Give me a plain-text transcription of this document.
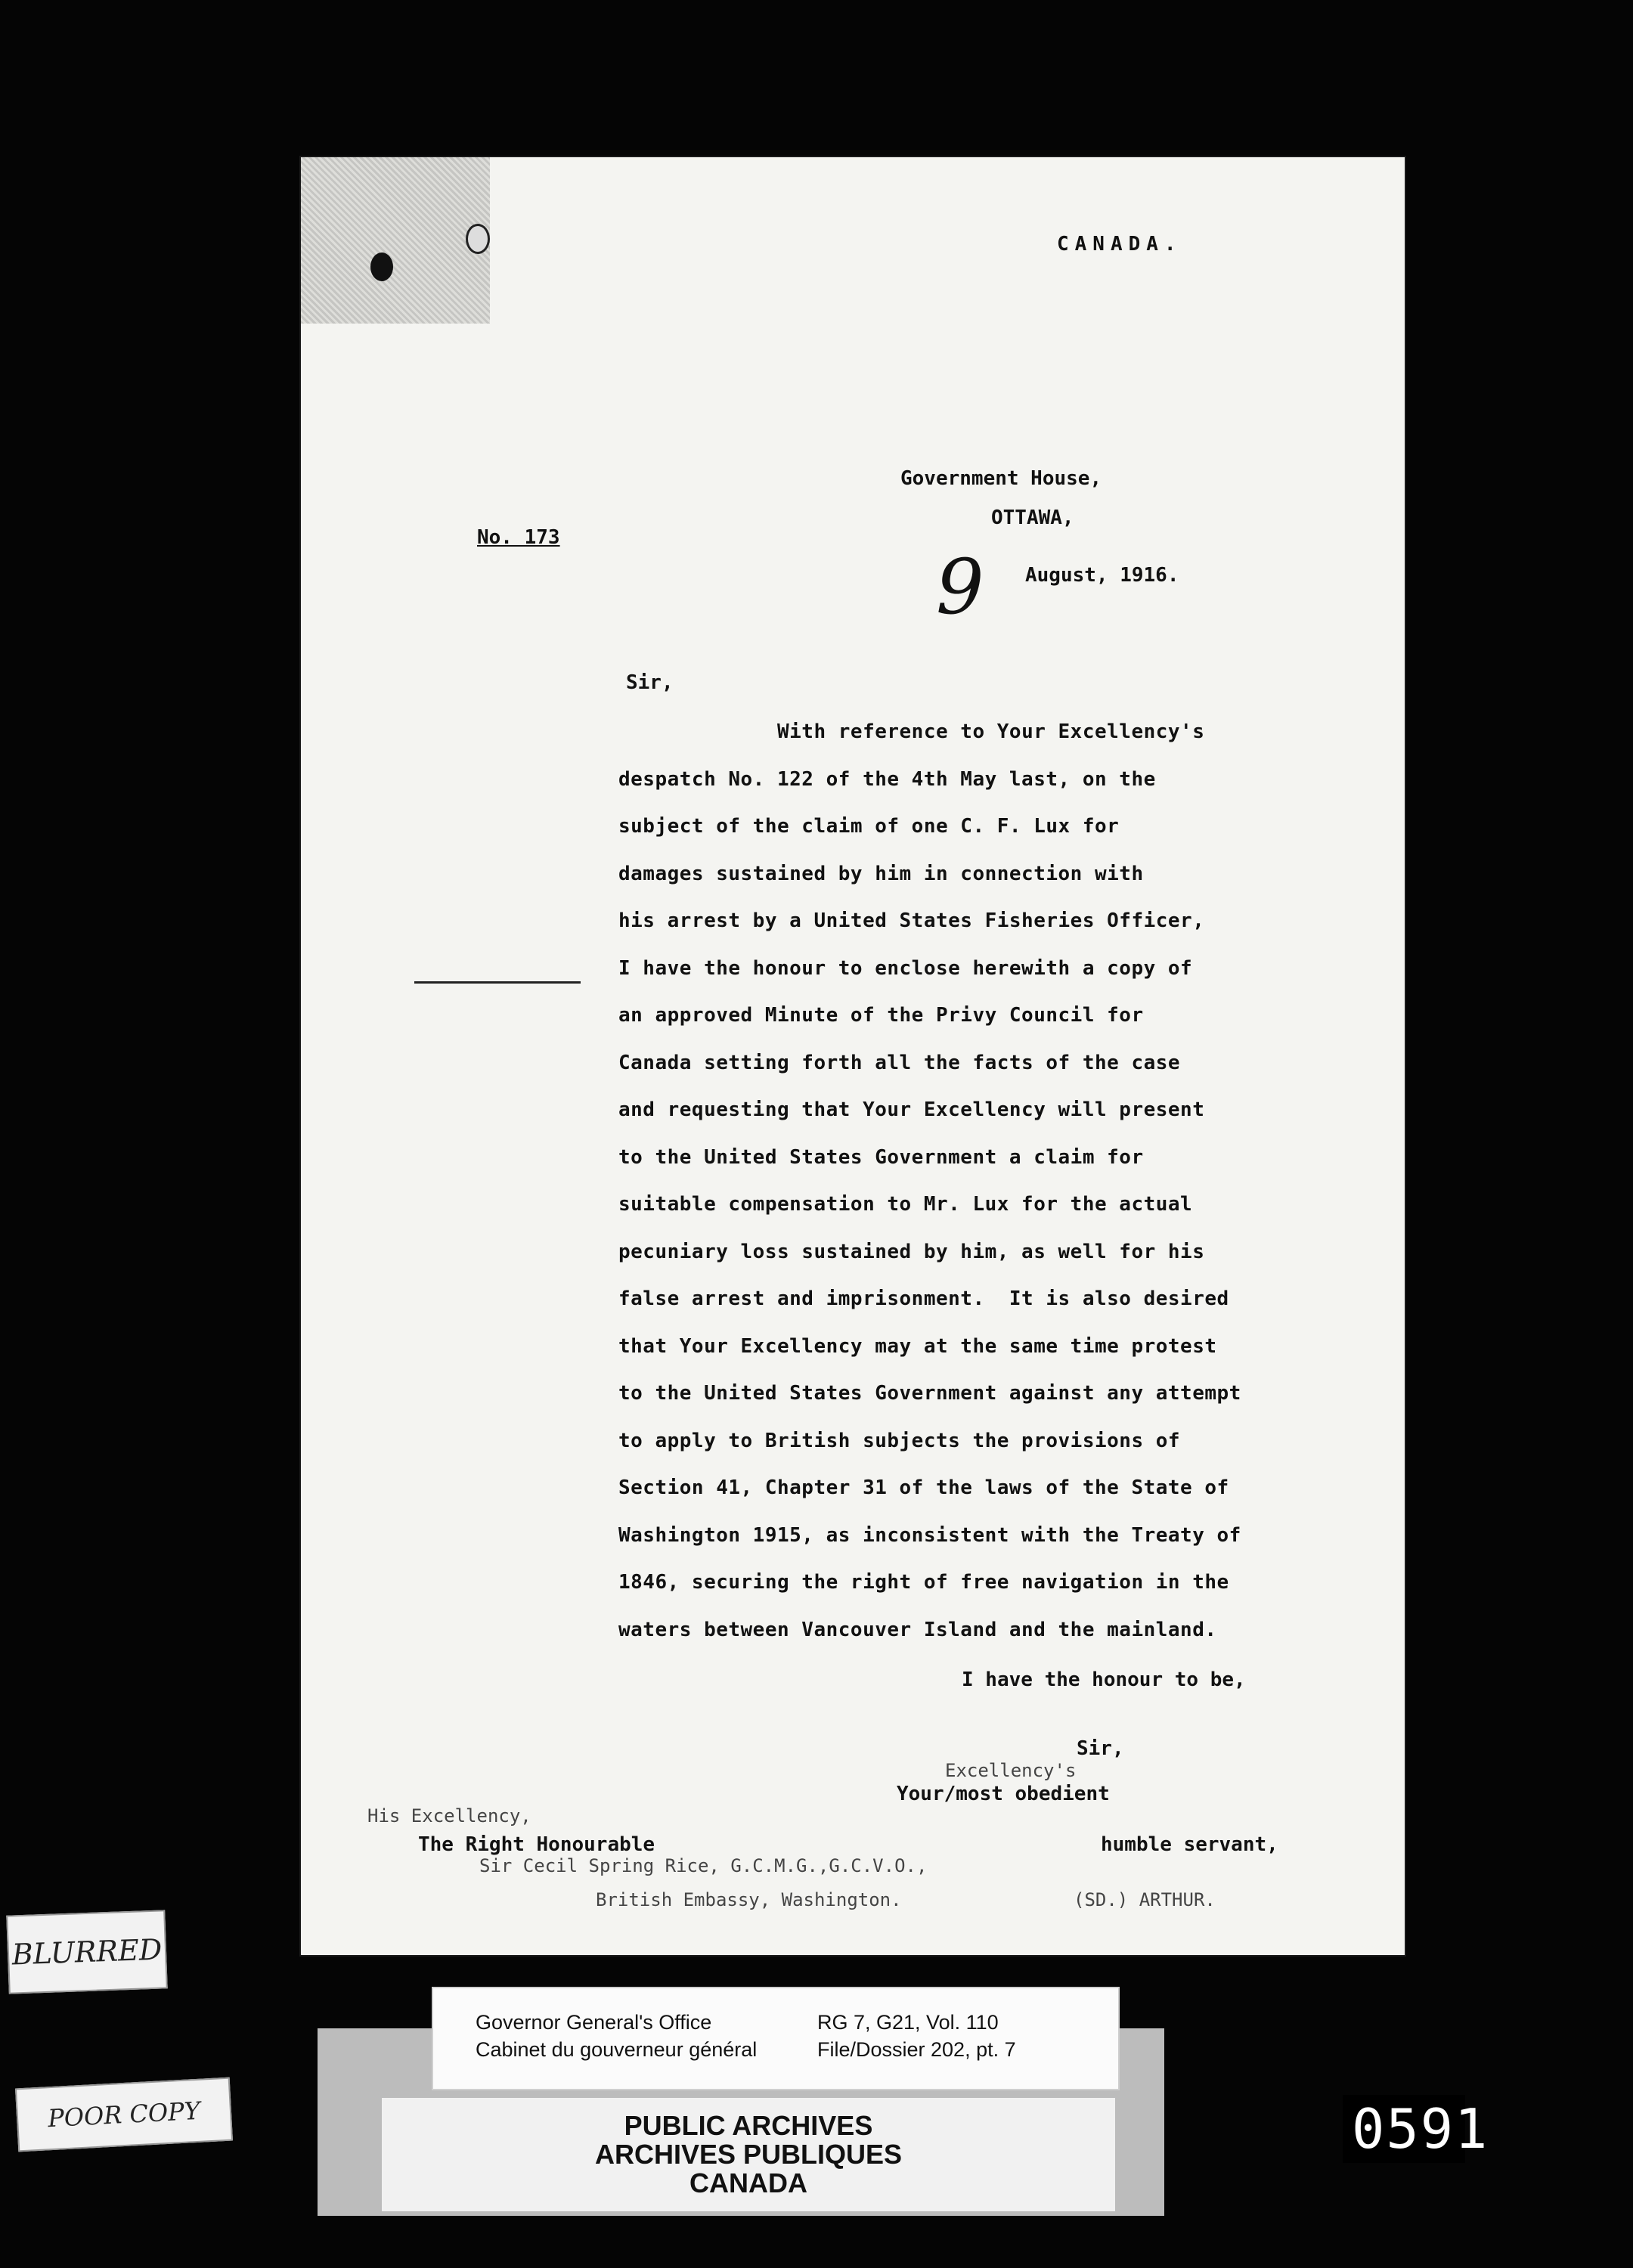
CANADA.
Government House,
OTTAWA,
No. 173
9 August, 1916.
Sir,
With reference to Your Excellency's
despatch No. 122 of the 4th May last, on the
subject of the claim of one C. F. Lux for
damages sustained by him in connection with
his arrest by a United States Fisheries Officer,
I have the honour to enclose herewith a copy of
an approved Minute of the Privy Council for
Canada setting forth all the facts of the case
and requesting that Your Excellency will present
to the United States Government a claim for
suitable compensation to Mr. Lux for the actual
pecuniary loss sustained by him, as well for his
false arrest and imprisonment.  It is also desired
that Your Excellency may at the same time protest
to the United States Government against any attempt
to apply to British subjects the provisions of
Section 41, Chapter 31 of the laws of the State of
Washington 1915, as inconsistent with the Treaty of
1846, securing the right of free navigation in the
waters between Vancouver Island and the mainland.
I have the honour to be,
Sir,
Excellency's
Your/most obedient
humble servant,
(SD.) ARTHUR.
His Excellency,
The Right Honourable
Sir Cecil Spring Rice, G.C.M.G.,G.C.V.O.,
British Embassy, Washington.
Governor General's Office
Cabinet du gouverneur général
RG 7, G21, Vol. 110
File/Dossier 202, pt. 7
PUBLIC ARCHIVES
ARCHIVES PUBLIQUES
CANADA
BLURRED
POOR COPY	0591
